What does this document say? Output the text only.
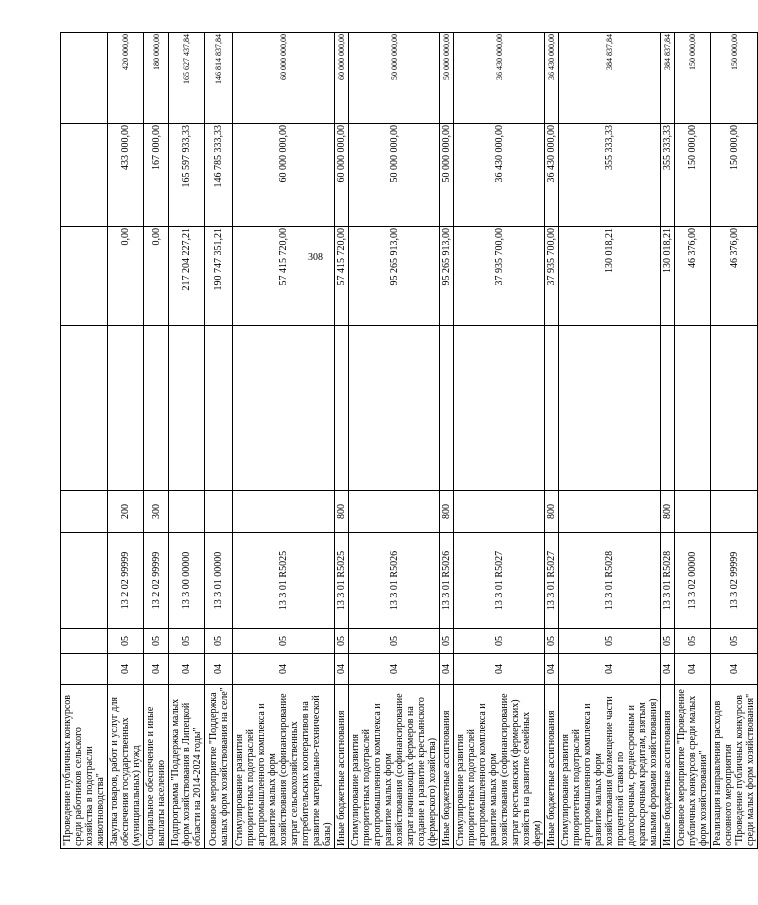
308
"Проведение публичных конкурсов среди работников сельского хозяйства в подотрасли животноводства"								
Закупка товаров, работ и услуг для обеспечения государственных (муниципальных) нужд	04	05	13 2 02 99999	200		0,00	433 000,00	420 000,00
Социальное обеспечение и иные выплаты населению	04	05	13 2 02 99999	300		0,00	167 000,00	180 000,00
Подпрограмма "Поддержка малых форм хозяйствования в Липецкой области на 2014-2024 годы"	04	05	13 3 00 00000			217 204 227,21	165 597 933,33	165 627 437,84
Основное мероприятие "Поддержка малых форм хозяйствования на селе"	04	05	13 3 01 00000			190 747 351,21	146 785 333,33	146 814 837,84
Стимулирование развития приоритетных подотраслей агропромышленного комплекса и развитие малых форм хозяйствования (софинансирование затрат сельскохозяйственных потребительских кооперативов на развитие материально-технической базы)	04	05	13 3 01 R5025			57 415 720,00	60 000 000,00	60 000 000,00
Иные бюджетные ассигнования	04	05	13 3 01 R5025	800		57 415 720,00	60 000 000,00	60 000 000,00
Стимулирование развития приоритетных подотраслей агропромышленного комплекса и развитие малых форм хозяйствования (софинансирование затрат начинающих фермеров на создание и развитие крестьянского (фермерского) хозяйства)	04	05	13 3 01 R5026			95 265 913,00	50 000 000,00	50 000 000,00
Иные бюджетные ассигнования	04	05	13 3 01 R5026	800		95 265 913,00	50 000 000,00	50 000 000,00
Стимулирование развития приоритетных подотраслей агропромышленного комплекса и развитие малых форм хозяйствования (софинансирование затрат крестьянских (фермерских) хозяйств на развитие семейных ферм)	04	05	13 3 01 R5027			37 935 700,00	36 430 000,00	36 430 000,00
Иные бюджетные ассигнования	04	05	13 3 01 R5027	800		37 935 700,00	36 430 000,00	36 430 000,00
Стимулирование развития приоритетных подотраслей агропромышленного комплекса и развитие малых форм хозяйствования (возмещение части процентной ставки по долгосрочным, среднесрочным и краткосрочным кредитам, взятым малыми формами хозяйствования)	04	05	13 3 01 R5028			130 018,21	355 333,33	384 837,84
Иные бюджетные ассигнования	04	05	13 3 01 R5028	800		130 018,21	355 333,33	384 837,84
Основное мероприятие "Проведение публичных конкурсов среди малых форм хозяйствования"	04	05	13 3 02 00000			46 376,00	150 000,00	150 000,00
Реализация направления расходов основного мероприятия "Проведение публичных конкурсов среди малых форм хозяйствования"	04	05	13 3 02 99999			46 376,00	150 000,00	150 000,00
